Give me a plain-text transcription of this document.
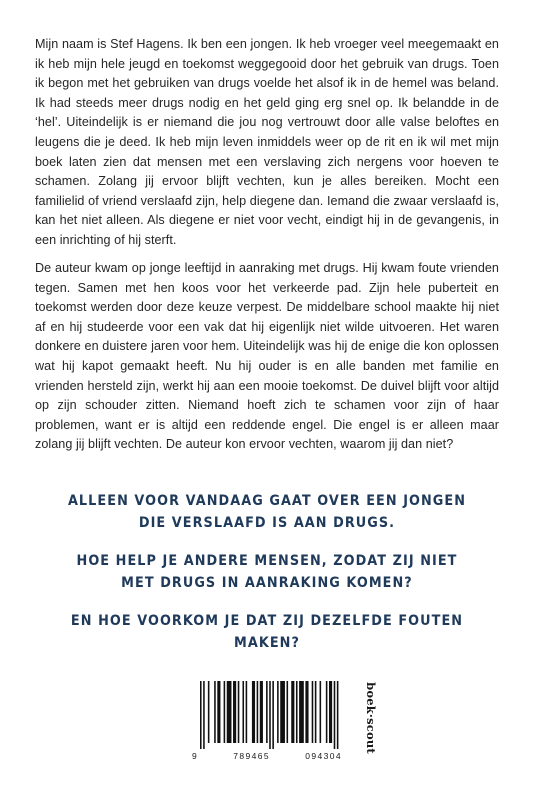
Mijn naam is Stef Hagens. Ik ben een jongen. Ik heb vroeger veel meegemaakt en ik heb mijn hele jeugd en toekomst weggegooid door het gebruik van drugs. Toen ik begon met het gebruiken van drugs voelde het alsof ik in de hemel was beland. Ik had steeds meer drugs nodig en het geld ging erg snel op. Ik belandde in de ‘hel’. Uiteindelijk is er niemand die jou nog vertrouwt door alle valse beloftes en leugens die je deed. Ik heb mijn leven inmiddels weer op de rit en ik wil met mijn boek laten zien dat mensen met een verslaving zich nergens voor hoeven te schamen. Zolang jij ervoor blijft vechten, kun je alles bereiken. Mocht een familielid of vriend verslaafd zijn, help diegene dan. Iemand die zwaar verslaafd is, kan het niet alleen. Als diegene er niet voor vecht, eindigt hij in de gevangenis, in een inrichting of hij sterft.

De auteur kwam op jonge leeftijd in aanraking met drugs. Hij kwam foute vrienden tegen. Samen met hen koos voor het verkeerde pad. Zijn hele puberteit en toekomst werden door deze keuze verpest. De middelbare school maakte hij niet af en hij studeerde voor een vak dat hij eigenlijk niet wilde uitvoeren. Het waren donkere en duistere jaren voor hem. Uiteindelijk was hij de enige die kon oplossen wat hij kapot gemaakt heeft. Nu hij ouder is en alle banden met familie en vrienden hersteld zijn, werkt hij aan een mooie toekomst. De duivel blijft voor altijd op zijn schouder zitten. Niemand hoeft zich te schamen voor zijn of haar problemen, want er is altijd een reddende engel. Die engel is er alleen maar zolang jij blijft vechten. De auteur kon ervoor vechten, waarom jij dan niet?

ALLEEN VOOR VANDAAG GAAT OVER EEN JONGEN
DIE VERSLAAFD IS AAN DRUGS.

HOE HELP JE ANDERE MENSEN, ZODAT ZIJ NIET
MET DRUGS IN AANRAKING KOMEN?

EN HOE VOORKOM JE DAT ZIJ DEZELFDE FOUTEN MAKEN?

9	789465	094304
boek·scout
